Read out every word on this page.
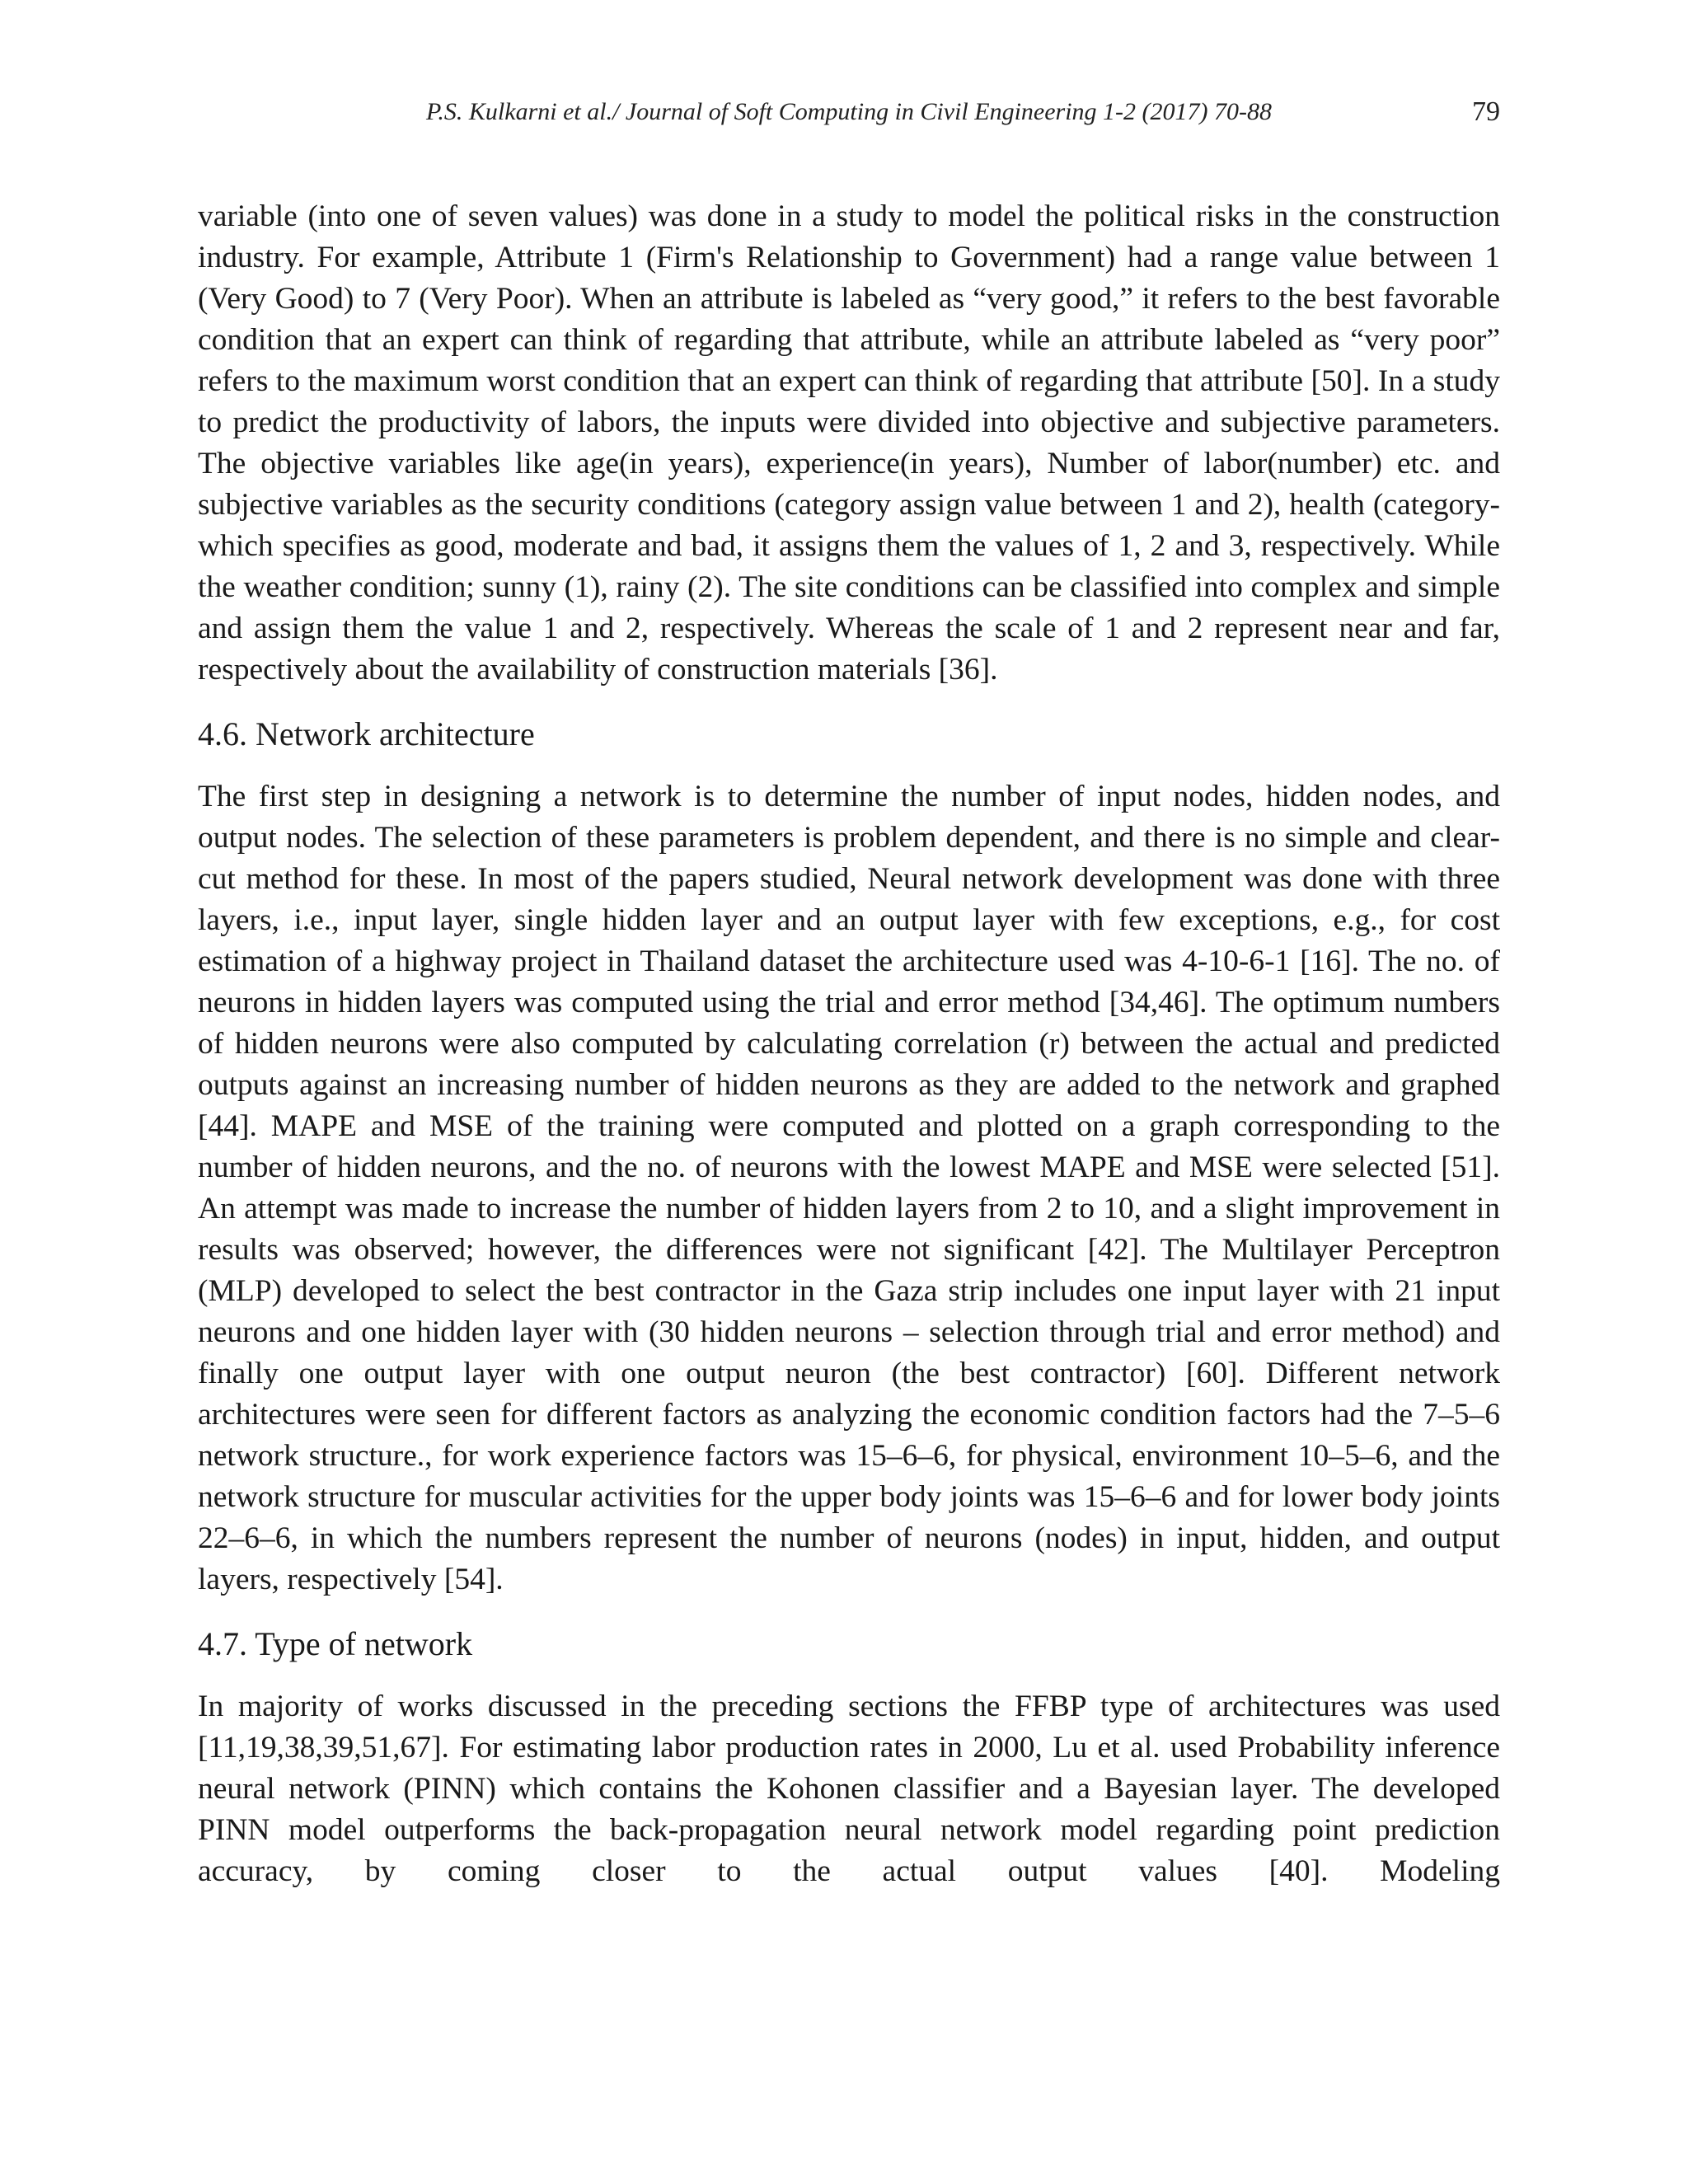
P.S. Kulkarni et al./ Journal of Soft Computing in Civil Engineering 1-2 (2017) 70-88	79

variable (into one of seven values) was done in a study to model the political risks in the construction industry. For example, Attribute 1 (Firm's Relationship to Government) had a range value between 1 (Very Good) to 7 (Very Poor). When an attribute is labeled as “very good,” it refers to the best favorable condition that an expert can think of regarding that attribute, while an attribute labeled as “very poor” refers to the maximum worst condition that an expert can think of regarding that attribute [50]. In a study to predict the productivity of labors, the inputs were divided into objective and subjective parameters. The objective variables like age(in years), experience(in years), Number of labor(number) etc. and subjective variables as the security conditions (category assign value between 1 and 2), health (category- which specifies as good, moderate and bad, it assigns them the values of 1, 2 and 3, respectively. While the weather condition; sunny (1), rainy (2). The site conditions can be classified into complex and simple and assign them the value 1 and 2, respectively. Whereas the scale of 1 and 2 represent near and far, respectively about the availability of construction materials [36].

4.6. Network architecture

The first step in designing a network is to determine the number of input nodes, hidden nodes, and output nodes. The selection of these parameters is problem dependent, and there is no simple and clear-cut method for these. In most of the papers studied, Neural network development was done with three layers, i.e., input layer, single hidden layer and an output layer with few exceptions, e.g., for cost estimation of a highway project in Thailand dataset the architecture used was 4-10-6-1 [16]. The no. of neurons in hidden layers was computed using the trial and error method [34,46]. The optimum numbers of hidden neurons were also computed by calculating correlation (r) between the actual and predicted outputs against an increasing number of hidden neurons as they are added to the network and graphed [44]. MAPE and MSE of the training were computed and plotted on a graph corresponding to the number of hidden neurons, and the no. of neurons with the lowest MAPE and MSE were selected [51]. An attempt was made to increase the number of hidden layers from 2 to 10, and a slight improvement in results was observed; however, the differences were not significant [42]. The Multilayer Perceptron (MLP) developed to select the best contractor in the Gaza strip includes one input layer with 21 input neurons and one hidden layer with (30 hidden neurons – selection through trial and error method) and finally one output layer with one output neuron (the best contractor) [60]. Different network architectures were seen for different factors as analyzing the economic condition factors had the 7–5–6 network structure., for work experience factors was 15–6–6, for physical, environment 10–5–6, and the network structure for muscular activities for the upper body joints was 15–6–6 and for lower body joints 22–6–6, in which the numbers represent the number of neurons (nodes) in input, hidden, and output layers, respectively [54].

4.7. Type of network

In majority of works discussed in the preceding sections the FFBP type of architectures was used [11,19,38,39,51,67]. For estimating labor production rates in 2000, Lu et al. used Probability inference neural network (PINN) which contains the Kohonen classifier and a Bayesian layer. The developed PINN model outperforms the back-propagation neural network model regarding point prediction accuracy, by coming closer to the actual output values [40]. Modeling
